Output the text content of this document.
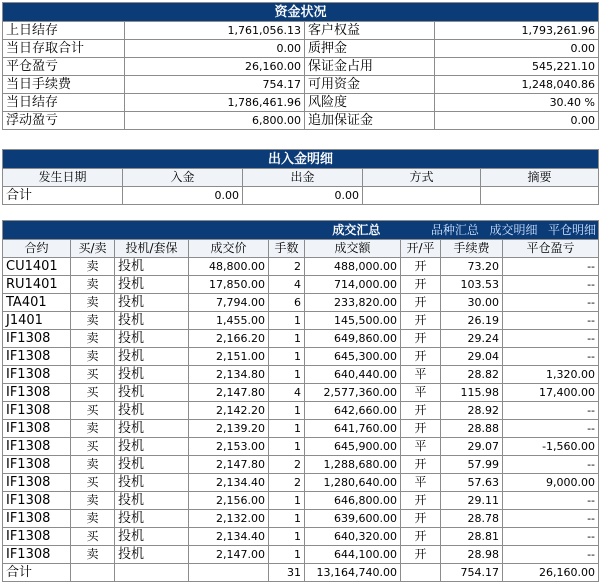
资金状况			
上日结存	1,761,056.13	客户权益	1,793,261.96
当日存取合计	0.00	质押金	0.00
平仓盈亏	26,160.00	保证金占用	545,221.10
当日手续费	754.17	可用资金	1,248,040.86
当日结存	1,786,461.96	风险度	30.40 %
浮动盈亏	6,800.00	追加保证金	0.00
出入金明细				
发生日期	入金	出金	方式	摘要
合计	0.00	0.00		
成交汇总 品种汇总 成交明细 平仓明细								
合约	买/卖	投机/套保	成交价	手数	成交额	开/平	手续费	平仓盈亏
CU1401	卖	投机	48,800.00	2	488,000.00	开	73.20	--
RU1401	卖	投机	17,850.00	4	714,000.00	开	103.53	--
TA401	卖	投机	7,794.00	6	233,820.00	开	30.00	--
J1401	卖	投机	1,455.00	1	145,500.00	开	26.19	--
IF1308	卖	投机	2,166.20	1	649,860.00	开	29.24	--
IF1308	卖	投机	2,151.00	1	645,300.00	开	29.04	--
IF1308	买	投机	2,134.80	1	640,440.00	平	28.82	1,320.00
IF1308	买	投机	2,147.80	4	2,577,360.00	平	115.98	17,400.00
IF1308	买	投机	2,142.20	1	642,660.00	开	28.92	--
IF1308	卖	投机	2,139.20	1	641,760.00	开	28.88	--
IF1308	买	投机	2,153.00	1	645,900.00	平	29.07	-1,560.00
IF1308	卖	投机	2,147.80	2	1,288,680.00	开	57.99	--
IF1308	买	投机	2,134.40	2	1,280,640.00	平	57.63	9,000.00
IF1308	卖	投机	2,156.00	1	646,800.00	开	29.11	--
IF1308	卖	投机	2,132.00	1	639,600.00	开	28.78	--
IF1308	买	投机	2,134.40	1	640,320.00	开	28.81	--
IF1308	卖	投机	2,147.00	1	644,100.00	开	28.98	--
合计				31	13,164,740.00		754.17	26,160.00
